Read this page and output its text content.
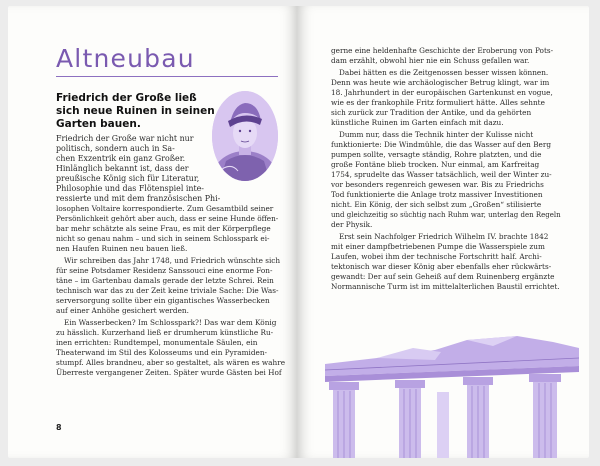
Altneubau

Friedrich der Große ließ sich neue Ruinen in seinen Garten bauen.

Friedrich der Große war nicht nur
politisch, sondern auch in Sa-
chen Exzentrik ein ganz Großer.
Hinlänglich bekannt ist, dass der
preußische König sich für Literatur,
Philosophie und das Flötenspiel inte-
ressierte und mit dem französischen Phi-
losophen Voltaire korrespondierte. Zum Gesamtbild seiner
Persönlichkeit gehört aber auch, dass er seine Hunde öffen-
bar mehr schätzte als seine Frau, es mit der Körperpflege
nicht so genau nahm – und sich in seinem Schlosspark ei-
nen Haufen Ruinen neu bauen ließ.
Wir schreiben das Jahr 1748, und Friedrich wünschte sich
für seine Potsdamer Residenz Sanssouci eine enorme Fon-
täne – im Gartenbau damals gerade der letzte Schrei. Rein
technisch war das zu der Zeit keine triviale Sache: Die Was-
serversorgung sollte über ein gigantisches Wasserbecken
auf einer Anhöhe gesichert werden.
Ein Wasserbecken? Im Schlosspark?! Das war dem König
zu hässlich. Kurzerhand ließ er drumherum künstliche Ru-
inen errichten: Rundtempel, monumentale Säulen, ein
Theaterwand im Stil des Kolosseums und ein Pyramiden-
stumpf. Alles brandneu, aber so gestaltet, als wären es wahre
Überreste vergangener Zeiten. Später wurde Gästen bei Hof
8
gerne eine heldenhafte Geschichte der Eroberung von Pots-
dam erzählt, obwohl hier nie ein Schuss gefallen war.
Dabei hätten es die Zeitgenossen besser wissen können.
Denn was heute wie archäologischer Betrug klingt, war im
18. Jahrhundert in der europäischen Gartenkunst en vogue,
wie es der frankophile Fritz formuliert hätte. Alles sehnte
sich zurück zur Tradition der Antike, und da gehörten
künstliche Ruinen im Garten einfach mit dazu.
Dumm nur, dass die Technik hinter der Kulisse nicht
funktionierte: Die Windmühle, die das Wasser auf den Berg
pumpen sollte, versagte ständig, Rohre platzten, und die
große Fontäne blieb trocken. Nur einmal, am Karfreitag
1754, sprudelte das Wasser tatsächlich, weil der Winter zu-
vor besonders regenreich gewesen war. Bis zu Friedrichs
Tod funktionierte die Anlage trotz massiver Investitionen
nicht. Ein König, der sich selbst zum „Großen“ stilisierte
und gleichzeitig so süchtig nach Ruhm war, unterlag den Regeln
der Physik.
Erst sein Nachfolger Friedrich Wilhelm IV. brachte 1842
mit einer dampfbetriebenen Pumpe die Wasserspiele zum
Laufen, wobei ihm der technische Fortschritt half. Archi-
tektonisch war dieser König aber ebenfalls eher rückwärts-
gewandt: Der auf sein Geheiß auf dem Ruinenberg ergänzte
Normannische Turm ist im mittelalterlichen Baustil errichtet.
